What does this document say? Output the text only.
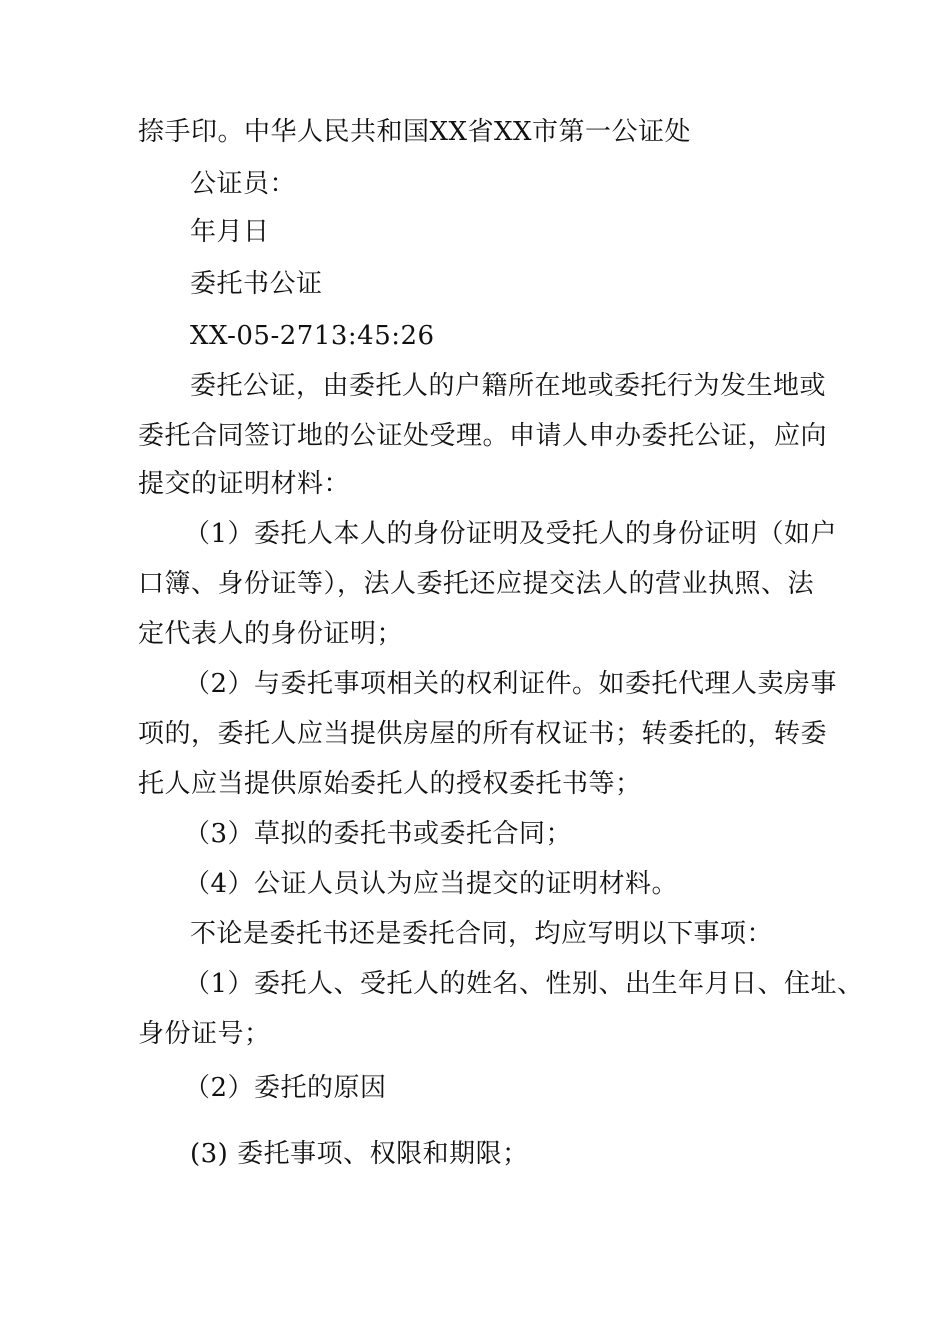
捺手印。中华人民共和国XX省XX市第一公证处
公证员：
年月日
委托书公证
XX-05-2713:45:26
委托公证，由委托人的户籍所在地或委托行为发生地或
委托合同签订地的公证处受理。申请人申办委托公证，应向
提交的证明材料：
（1）委托人本人的身份证明及受托人的身份证明（如户
口簿、身份证等），法人委托还应提交法人的营业执照、法
定代表人的身份证明；
（2）与委托事项相关的权利证件。如委托代理人卖房事
项的，委托人应当提供房屋的所有权证书；转委托的，转委
托人应当提供原始委托人的授权委托书等；
（3）草拟的委托书或委托合同；
（4）公证人员认为应当提交的证明材料。
不论是委托书还是委托合同，均应写明以下事项：
（1）委托人、受托人的姓名、性别、出生年月日、住址、
身份证号；
（2）委托的原因
(3) 委托事项、权限和期限；
